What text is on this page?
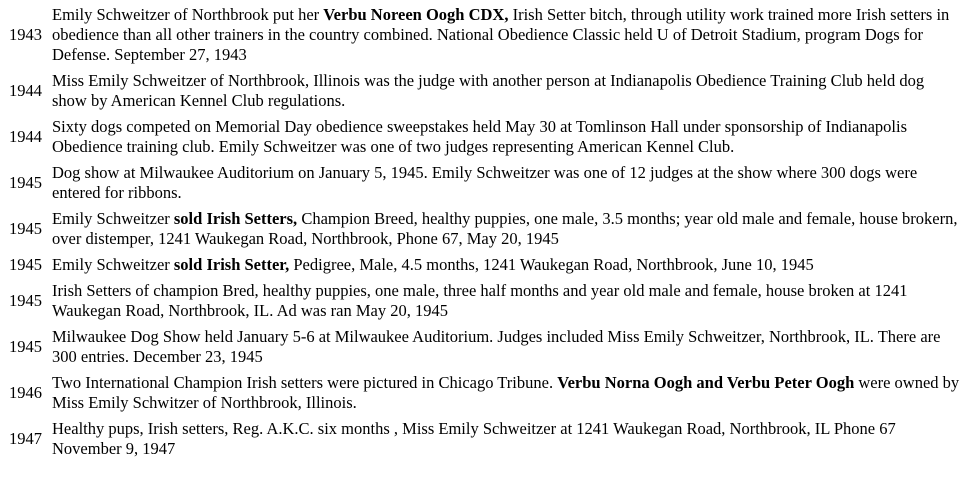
1943
Emily Schweitzer of Northbrook put her Verbu Noreen Oogh CDX, Irish Setter bitch, through utility work trained more Irish setters in obedience than all other trainers in the country combined. National Obedience Classic held U of Detroit Stadium, program Dogs for Defense. September 27, 1943
1944
Miss Emily Schweitzer of Northbrook, Illinois was the judge with another person at Indianapolis Obedience Training Club held dog show by American Kennel Club regulations.
1944
Sixty dogs competed on Memorial Day obedience sweepstakes held May 30 at Tomlinson Hall under sponsorship of Indianapolis Obedience training club. Emily Schweitzer was one of two judges representing American Kennel Club.
1945
Dog show at Milwaukee Auditorium on January 5, 1945. Emily Schweitzer was one of 12 judges at the show where 300 dogs were entered for ribbons.
1945
Emily Schweitzer sold Irish Setters, Champion Breed, healthy puppies, one male, 3.5 months; year old male and female, house brokern, over distemper, 1241 Waukegan Road, Northbrook, Phone 67, May 20, 1945
1945 Emily Schweitzer sold Irish Setter, Pedigree, Male, 4.5 months, 1241 Waukegan Road, Northbrook, June 10, 1945
1945
Irish Setters of champion Bred, healthy puppies, one male, three half months and year old male and female, house broken at 1241 Waukegan Road, Northbrook, IL. Ad was ran May 20, 1945
1945
Milwaukee Dog Show held January 5-6 at Milwaukee Auditorium. Judges included Miss Emily Schweitzer, Northbrook, IL. There are 300 entries. December 23, 1945
1946
Two International Champion Irish setters were pictured in Chicago Tribune. Verbu Norna Oogh and Verbu Peter Oogh were owned by Miss Emily Schwitzer of Northbrook, Illinois.
1947
Healthy pups, Irish setters, Reg. A.K.C. six months , Miss Emily Schweitzer at 1241 Waukegan Road, Northbrook, IL Phone 67 November 9, 1947
